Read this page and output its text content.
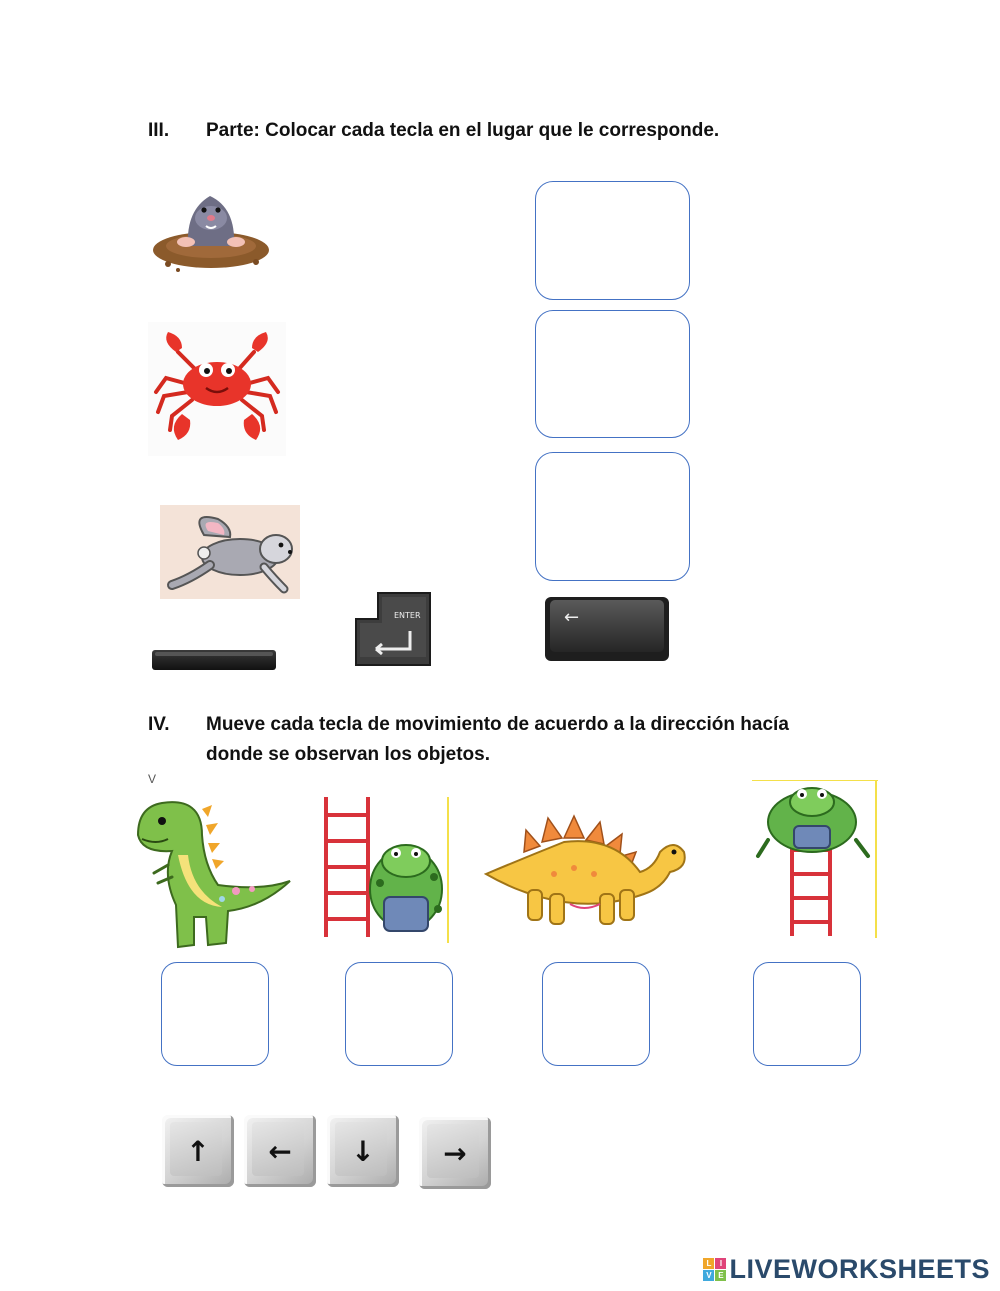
III.	Parte: Colocar cada tecla en el lugar que le corresponde.
ENTER	←
IV.	Mueve cada tecla de movimiento de acuerdo a la dirección hacía
donde se observan los objetos.
V
↑	←	↓	→
L	I
V E LIVEWORKSHEETS
